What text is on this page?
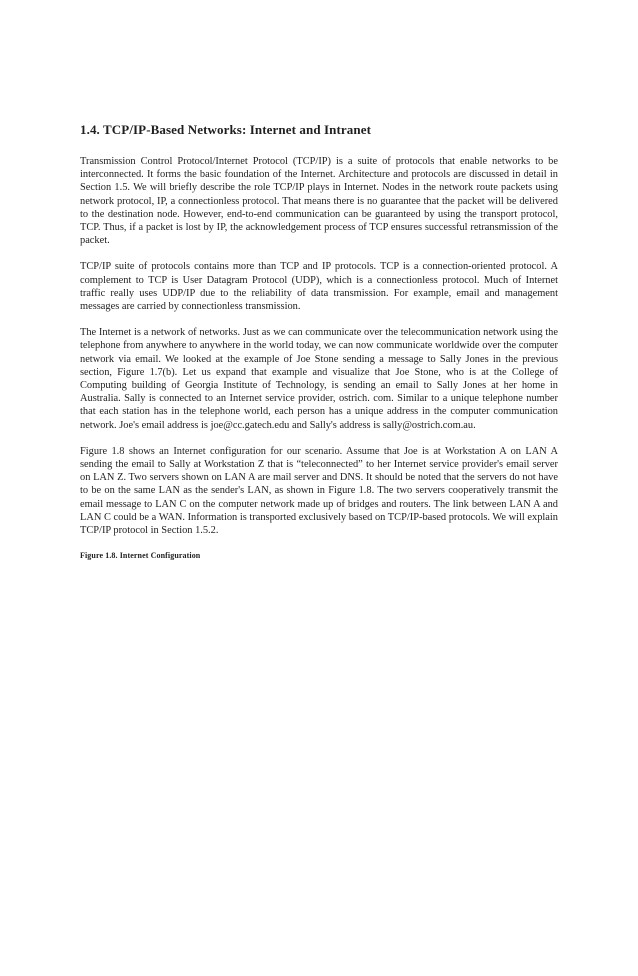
1.4. TCP/IP-Based Networks: Internet and Intranet

Transmission Control Protocol/Internet Protocol (TCP/IP) is a suite of protocols that enable networks to be interconnected. It forms the basic foundation of the Internet. Architecture and protocols are discussed in detail in Section 1.5. We will briefly describe the role TCP/IP plays in Internet. Nodes in the network route packets using network protocol, IP, a connectionless protocol. That means there is no guarantee that the packet will be delivered to the destination node. However, end-to-end communication can be guaranteed by using the transport protocol, TCP. Thus, if a packet is lost by IP, the acknowledgement process of TCP ensures successful retransmission of the packet.

TCP/IP suite of protocols contains more than TCP and IP protocols. TCP is a connection-oriented protocol. A complement to TCP is User Datagram Protocol (UDP), which is a connectionless protocol. Much of Internet traffic really uses UDP/IP due to the reliability of data transmission. For example, email and management messages are carried by connectionless transmission.

The Internet is a network of networks. Just as we can communicate over the telecommunication network using the telephone from anywhere to anywhere in the world today, we can now communicate worldwide over the computer network via email. We looked at the example of Joe Stone sending a message to Sally Jones in the previous section, Figure 1.7(b). Let us expand that example and visualize that Joe Stone, who is at the College of Computing building of Georgia Institute of Technology, is sending an email to Sally Jones at her home in Australia. Sally is connected to an Internet service provider, ostrich. com. Similar to a unique telephone number that each station has in the telephone world, each person has a unique address in the computer communication network. Joe's email address is joe@cc.gatech.edu and Sally's address is sally@ostrich.com.au.

Figure 1.8 shows an Internet configuration for our scenario. Assume that Joe is at Workstation A on LAN A sending the email to Sally at Workstation Z that is “teleconnected” to her Internet service provider's email server on LAN Z. Two servers shown on LAN A are mail server and DNS. It should be noted that the servers do not have to be on the same LAN as the sender's LAN, as shown in Figure 1.8. The two servers cooperatively transmit the email message to LAN C on the computer network made up of bridges and routers. The link between LAN A and LAN C could be a WAN. Information is transported exclusively based on TCP/IP-based protocols. We will explain TCP/IP protocol in Section 1.5.2.

Figure 1.8. Internet Configuration
